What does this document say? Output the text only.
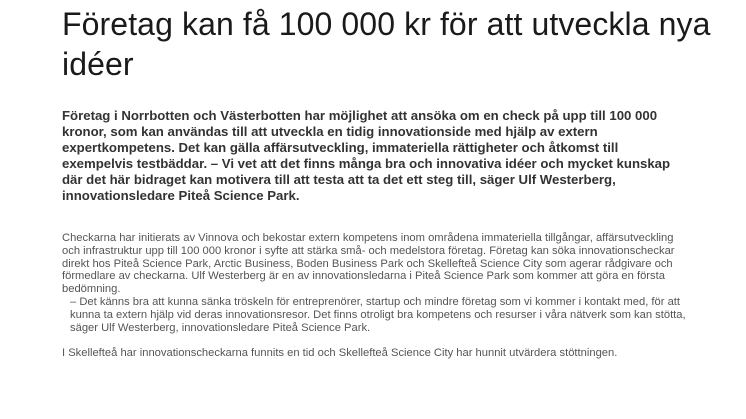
Företag kan få 100 000 kr för att utveckla nya idéer

Företag i Norrbotten och Västerbotten har möjlighet att ansöka om en check på upp till 100 000 kronor, som kan användas till att utveckla en tidig innovationside med hjälp av extern expertkompetens. Det kan gälla affärsutveckling, immateriella rättigheter och åtkomst till exempelvis testbäddar. – Vi vet att det finns många bra och innovativa idéer och mycket kunskap där det här bidraget kan motivera till att testa att ta det ett steg till, säger Ulf Westerberg, innovationsledare Piteå Science Park.

Checkarna har initierats av Vinnova och bekostar extern kompetens inom områdena immateriella tillgångar, affärsutveckling och infrastruktur upp till 100 000 kronor i syfte att stärka små- och medelstora företag. Företag kan söka innovationscheckar direkt hos Piteå Science Park, Arctic Business, Boden Business Park och Skellefteå Science City som agerar rådgivare och förmedlare av checkarna. Ulf Westerberg är en av innovationsledarna i Piteå Science Park som kommer att göra en första bedömning.

– Det känns bra att kunna sänka tröskeln för entreprenörer, startup och mindre företag som vi kommer i kontakt med, för att kunna ta extern hjälp vid deras innovationsresor. Det finns otroligt bra kompetens och resurser i våra nätverk som kan stötta, säger Ulf Westerberg, innovationsledare Piteå Science Park.

I Skellefteå har innovationscheckarna funnits en tid och Skellefteå Science City har hunnit utvärdera stöttningen.
